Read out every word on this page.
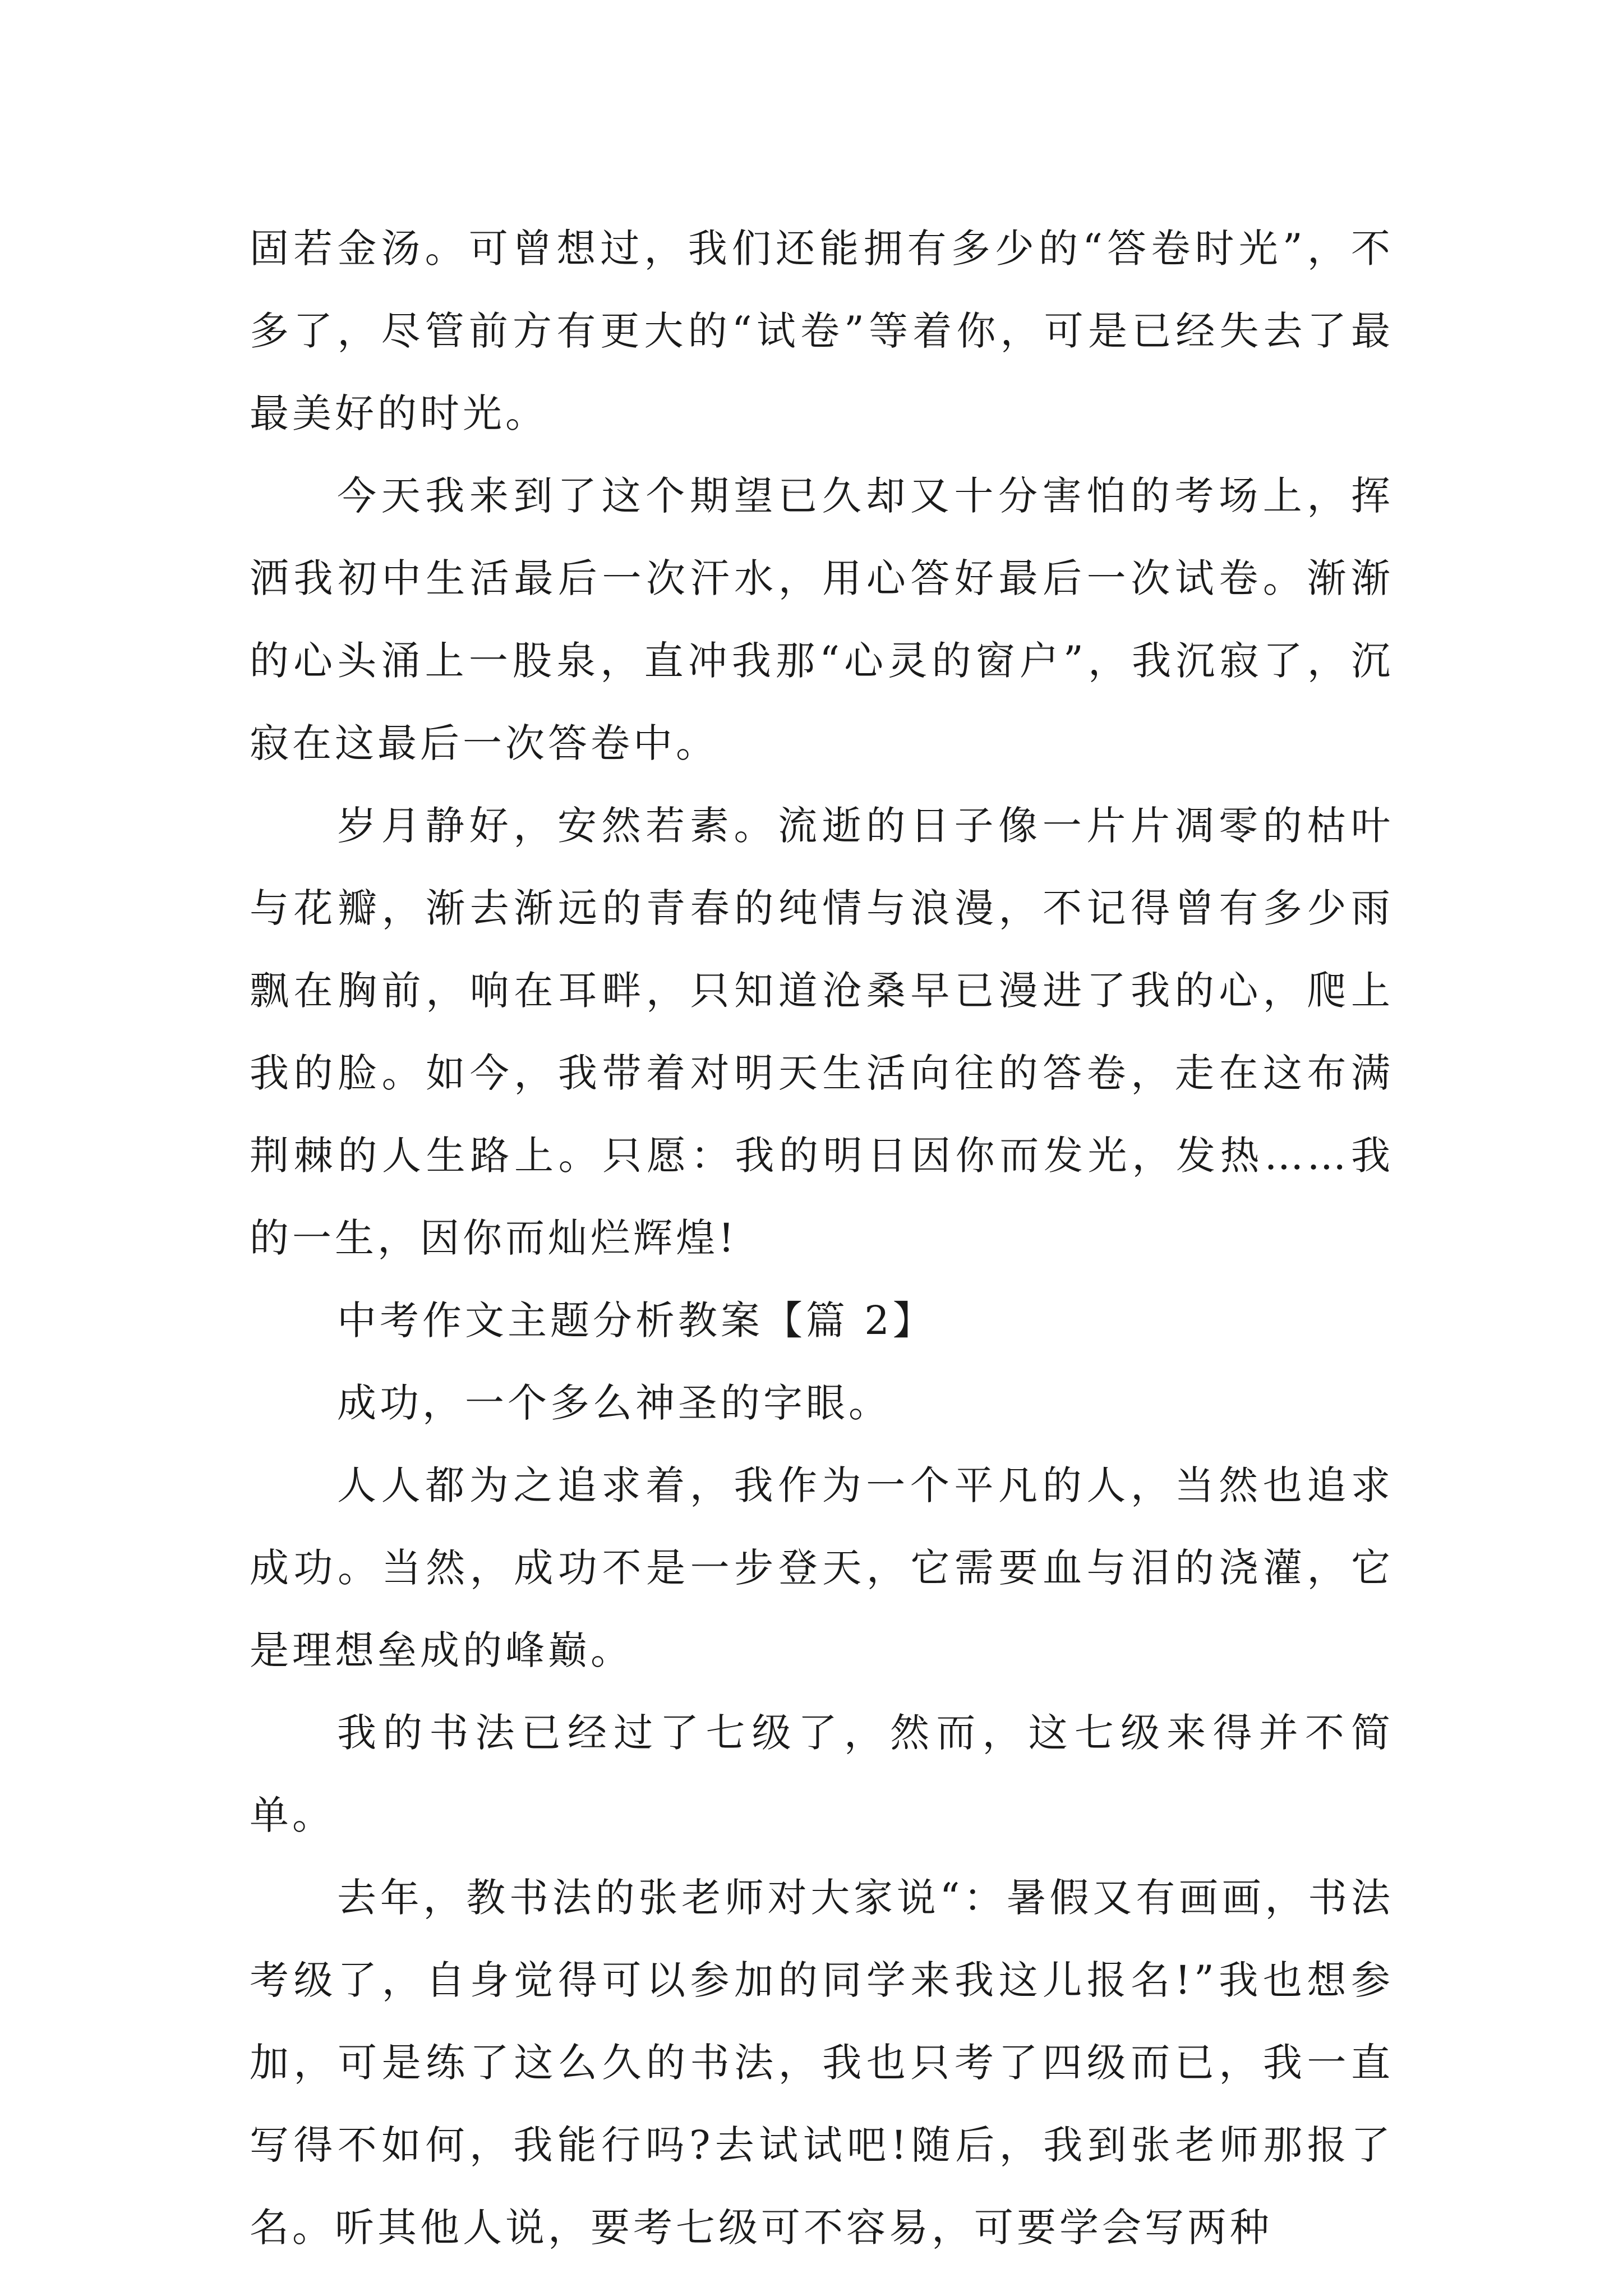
固若金汤。可曾想过，我们还能拥有多少的“答卷时光”，不多了，尽管前方有更大的“试卷”等着你，可是已经失去了最最美好的时光。

今天我来到了这个期望已久却又十分害怕的考场上，挥洒我初中生活最后一次汗水，用心答好最后一次试卷。渐渐的心头涌上一股泉，直冲我那“心灵的窗户”，我沉寂了，沉寂在这最后一次答卷中。

岁月静好，安然若素。流逝的日子像一片片凋零的枯叶与花瓣，渐去渐远的青春的纯情与浪漫，不记得曾有多少雨飘在胸前，响在耳畔，只知道沧桑早已漫进了我的心，爬上我的脸。如今，我带着对明天生活向往的答卷，走在这布满荆棘的人生路上。只愿：我的明日因你而发光，发热……我的一生，因你而灿烂辉煌!

中考作文主题分析教案【篇 2】

成功，一个多么神圣的字眼。

人人都为之追求着，我作为一个平凡的人，当然也追求成功。当然，成功不是一步登天，它需要血与泪的浇灌，它是理想垒成的峰巅。

我的书法已经过了七级了，然而，这七级来得并不简单。

去年，教书法的张老师对大家说“：暑假又有画画，书法考级了，自身觉得可以参加的同学来我这儿报名!”我也想参加，可是练了这么久的书法，我也只考了四级而已，我一直写得不如何，我能行吗?去试试吧!随后，我到张老师那报了名。听其他人说，要考七级可不容易，可要学会写两种
